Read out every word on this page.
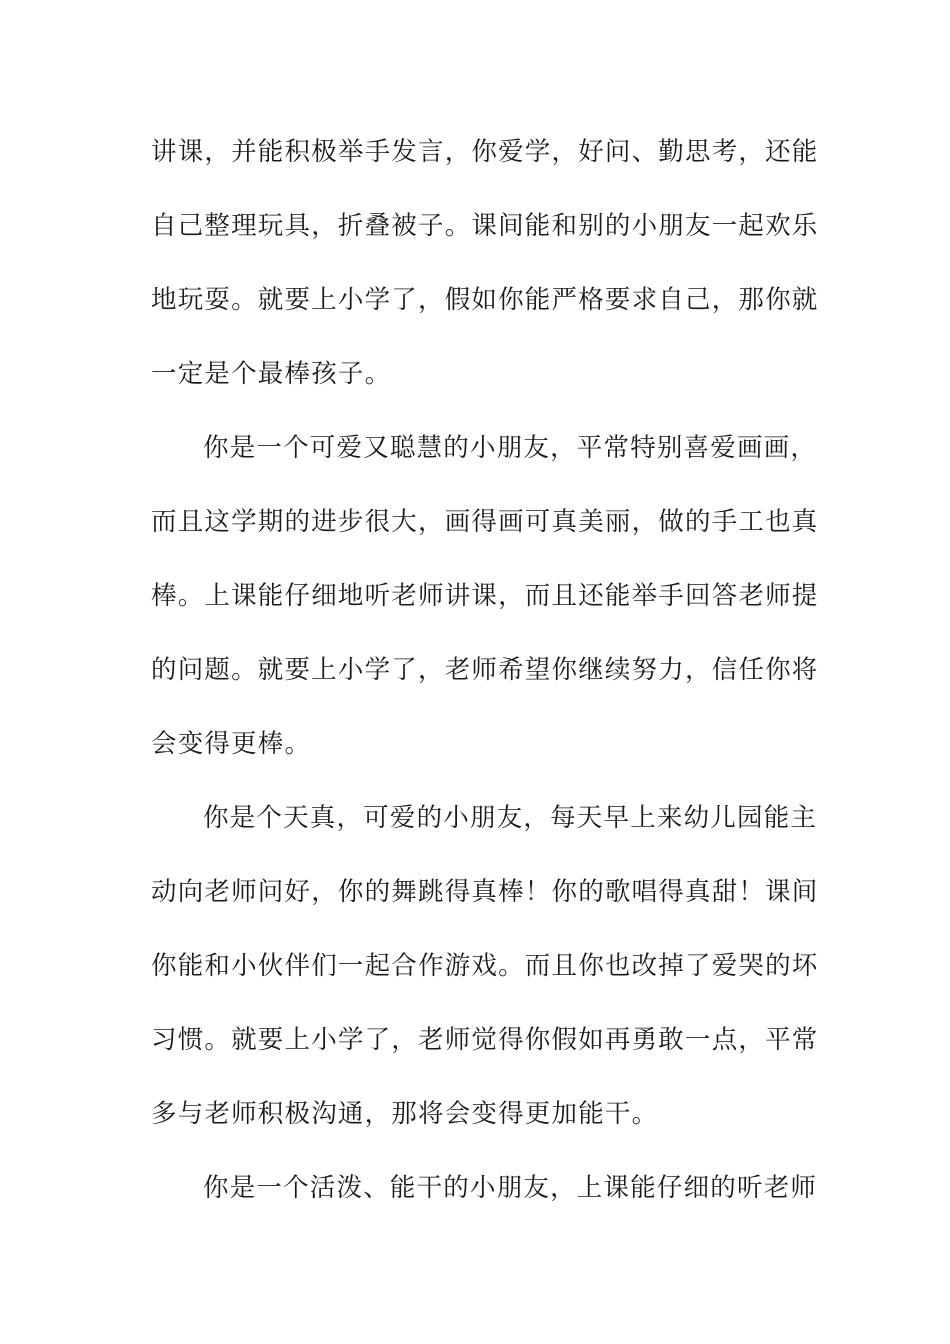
讲课，并能积极举手发言，你爱学，好问、勤思考，还能
自己整理玩具，折叠被子。课间能和别的小朋友一起欢乐
地玩耍。就要上小学了，假如你能严格要求自己，那你就
一定是个最棒孩子。
你是一个可爱又聪慧的小朋友，平常特别喜爱画画，
而且这学期的进步很大，画得画可真美丽，做的手工也真
棒。上课能仔细地听老师讲课，而且还能举手回答老师提
的问题。就要上小学了，老师希望你继续努力，信任你将
会变得更棒。
你是个天真，可爱的小朋友，每天早上来幼儿园能主
动向老师问好，你的舞跳得真棒！你的歌唱得真甜！课间
你能和小伙伴们一起合作游戏。而且你也改掉了爱哭的坏
习惯。就要上小学了，老师觉得你假如再勇敢一点，平常
多与老师积极沟通，那将会变得更加能干。
你是一个活泼、能干的小朋友，上课能仔细的听老师
